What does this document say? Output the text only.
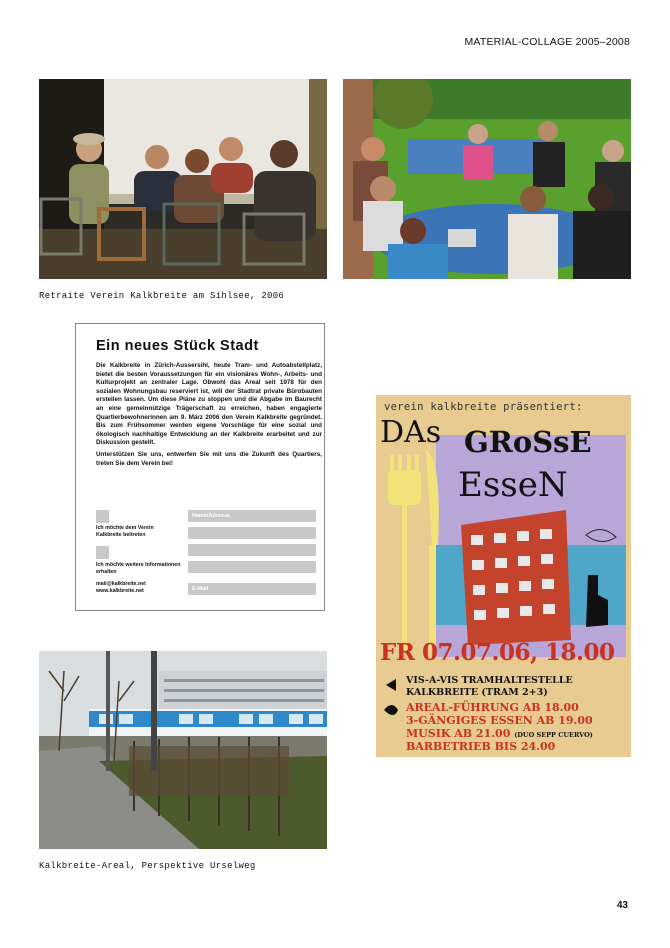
MATERIAL-COLLAGE 2005–2008
Retraite Verein Kalkbreite am Sihlsee, 2006
Ein neues Stück Stadt

Die Kalkbreite in Zürich-Aussersihl, heute Tram- und Autoabstellplatz, bietet die besten Voraussetzungen für ein visionäres Wohn-, Arbeits- und Kulturprojekt an zentraler Lage. Obwohl das Areal seit 1978 für den sozialen Wohnungsbau reserviert ist, will der Stadtrat private Bürobauten erstellen lassen. Um diese Pläne zu stoppen und die Abgabe im Baurecht an eine gemeinnützige Trägerschaft zu erreichen, haben engagierte Quartierbewohnerinnen am 9. März 2006 den Verein Kalkbreite gegründet. Bis zum Frühsommer werden eigene Vorschläge für eine sozial und ökologisch nachhaltige Entwicklung an der Kalkbreite erarbeitet und zur Diskussion gestellt.

Unterstützen Sie uns, entwerfen Sie mit uns die Zukunft des Quartiers, treten Sie dem Verein bei!

Ich möchte dem Verein Kalkbreite beitreten
Ich möchte weitere Informationen erhalten
mail@kalkbreite.net
www.kalkbreite.net
Name/Adresse
E-Mail
verein kalkbreite präsentiert:
DAs GRoSsE
EsseN
FR 07.07.06, 18.00
VIS-A-VIS TRAMHALTESTELLE
KALKBREITE (TRAM 2+3)
AREAL-FÜHRUNG AB 18.00
3-GÄNGIGES ESSEN AB 19.00
MUSIK AB 21.00 (DUO SEPP CUERVO)
BARBETRIEB BIS 24.00
Kalkbreite-Areal, Perspektive Urselweg
43
